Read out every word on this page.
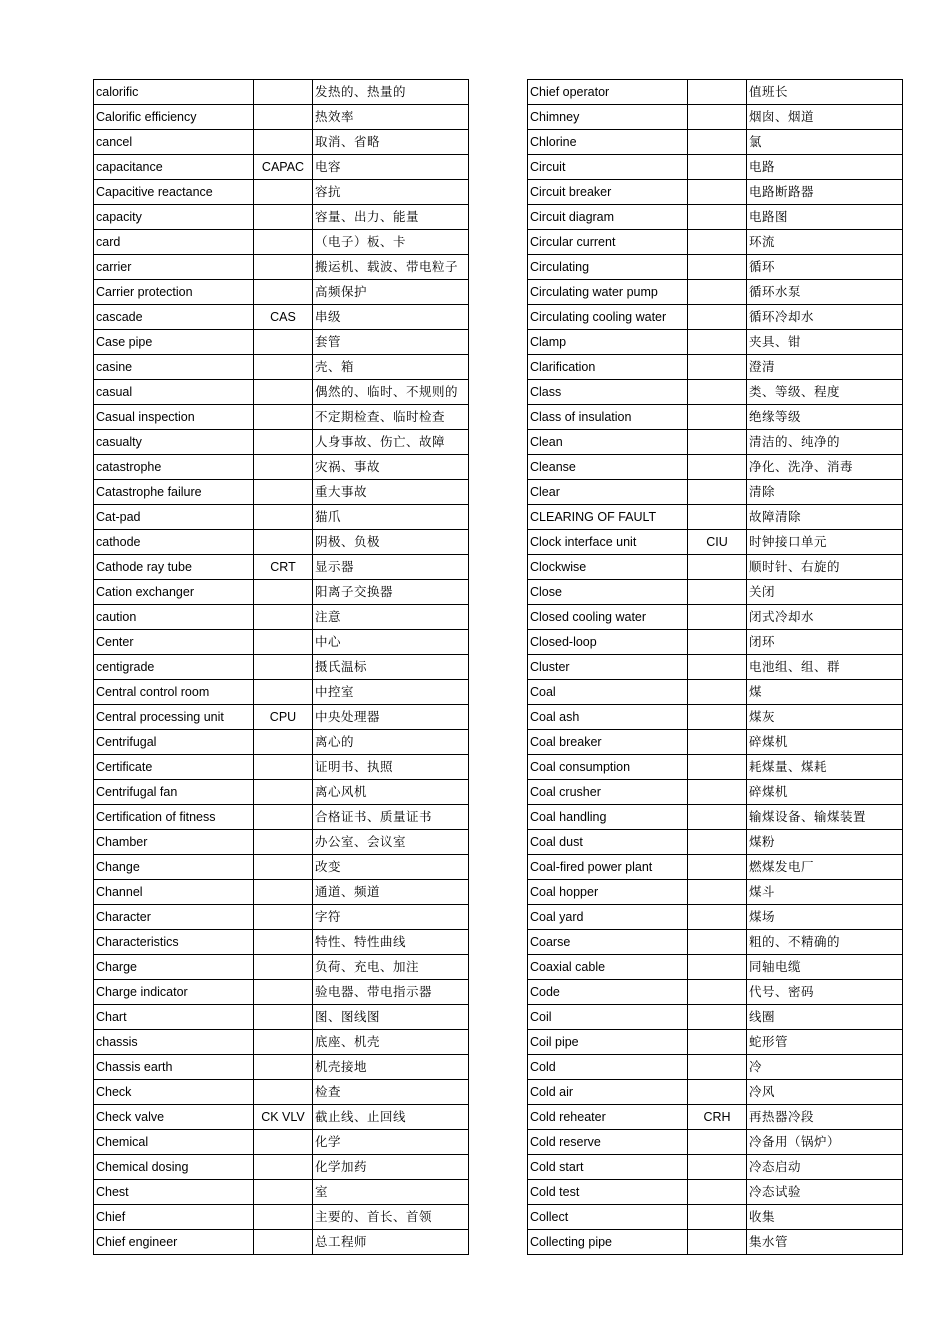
calorific		发热的、热量的
Calorific efficiency		热效率
cancel		取消、省略
capacitance	CAPAC	电容
Capacitive reactance		容抗
capacity		容量、出力、能量
card		（电子）板、卡
carrier		搬运机、载波、带电粒子
Carrier protection		高频保护
cascade	CAS	串级
Case pipe		套管
casine		壳、箱
casual		偶然的、临时、不规则的
Casual inspection		不定期检查、临时检查
casualty		人身事故、伤亡、故障
catastrophe		灾祸、事故
Catastrophe failure		重大事故
Cat-pad		猫爪
cathode		阴极、负极
Cathode ray tube	CRT	显示器
Cation exchanger		阳离子交换器
caution		注意
Center		中心
centigrade		摄氏温标
Central control room		中控室
Central processing unit	CPU	中央处理器
Centrifugal		离心的
Certificate		证明书、执照
Centrifugal fan		离心风机
Certification of fitness		合格证书、质量证书
Chamber		办公室、会议室
Change		改变
Channel		通道、频道
Character		字符
Characteristics		特性、特性曲线
Charge		负荷、充电、加注
Charge indicator		验电器、带电指示器
Chart		图、图线图
chassis		底座、机壳
Chassis earth		机壳接地
Check		检查
Check valve	CK VLV	截止线、止回线
Chemical		化学
Chemical dosing		化学加药
Chest		室
Chief		主要的、首长、首领
Chief engineer		总工程师
Chief operator		值班长
Chimney		烟囱、烟道
Chlorine		氯
Circuit		电路
Circuit breaker		电路断路器
Circuit diagram		电路图
Circular current		环流
Circulating		循环
Circulating water pump		循环水泵
Circulating cooling water		循环冷却水
Clamp		夹具、钳
Clarification		澄清
Class		类、等级、程度
Class of insulation		绝缘等级
Clean		清洁的、纯净的
Cleanse		净化、洗净、消毒
Clear		清除
CLEARING OF FAULT		故障清除
Clock interface unit	CIU	时钟接口单元
Clockwise		顺时针、右旋的
Close		关闭
Closed cooling water		闭式冷却水
Closed-loop		闭环
Cluster		电池组、组、群
Coal		煤
Coal ash		煤灰
Coal breaker		碎煤机
Coal consumption		耗煤量、煤耗
Coal crusher		碎煤机
Coal handling		输煤设备、输煤装置
Coal dust		煤粉
Coal-fired power plant		燃煤发电厂
Coal hopper		煤斗
Coal yard		煤场
Coarse		粗的、不精确的
Coaxial cable		同轴电缆
Code		代号、密码
Coil		线圈
Coil pipe		蛇形管
Cold		冷
Cold air		冷风
Cold reheater	CRH	再热器冷段
Cold reserve		冷备用（锅炉）
Cold start		冷态启动
Cold test		冷态试验
Collect		收集
Collecting pipe		集水管
